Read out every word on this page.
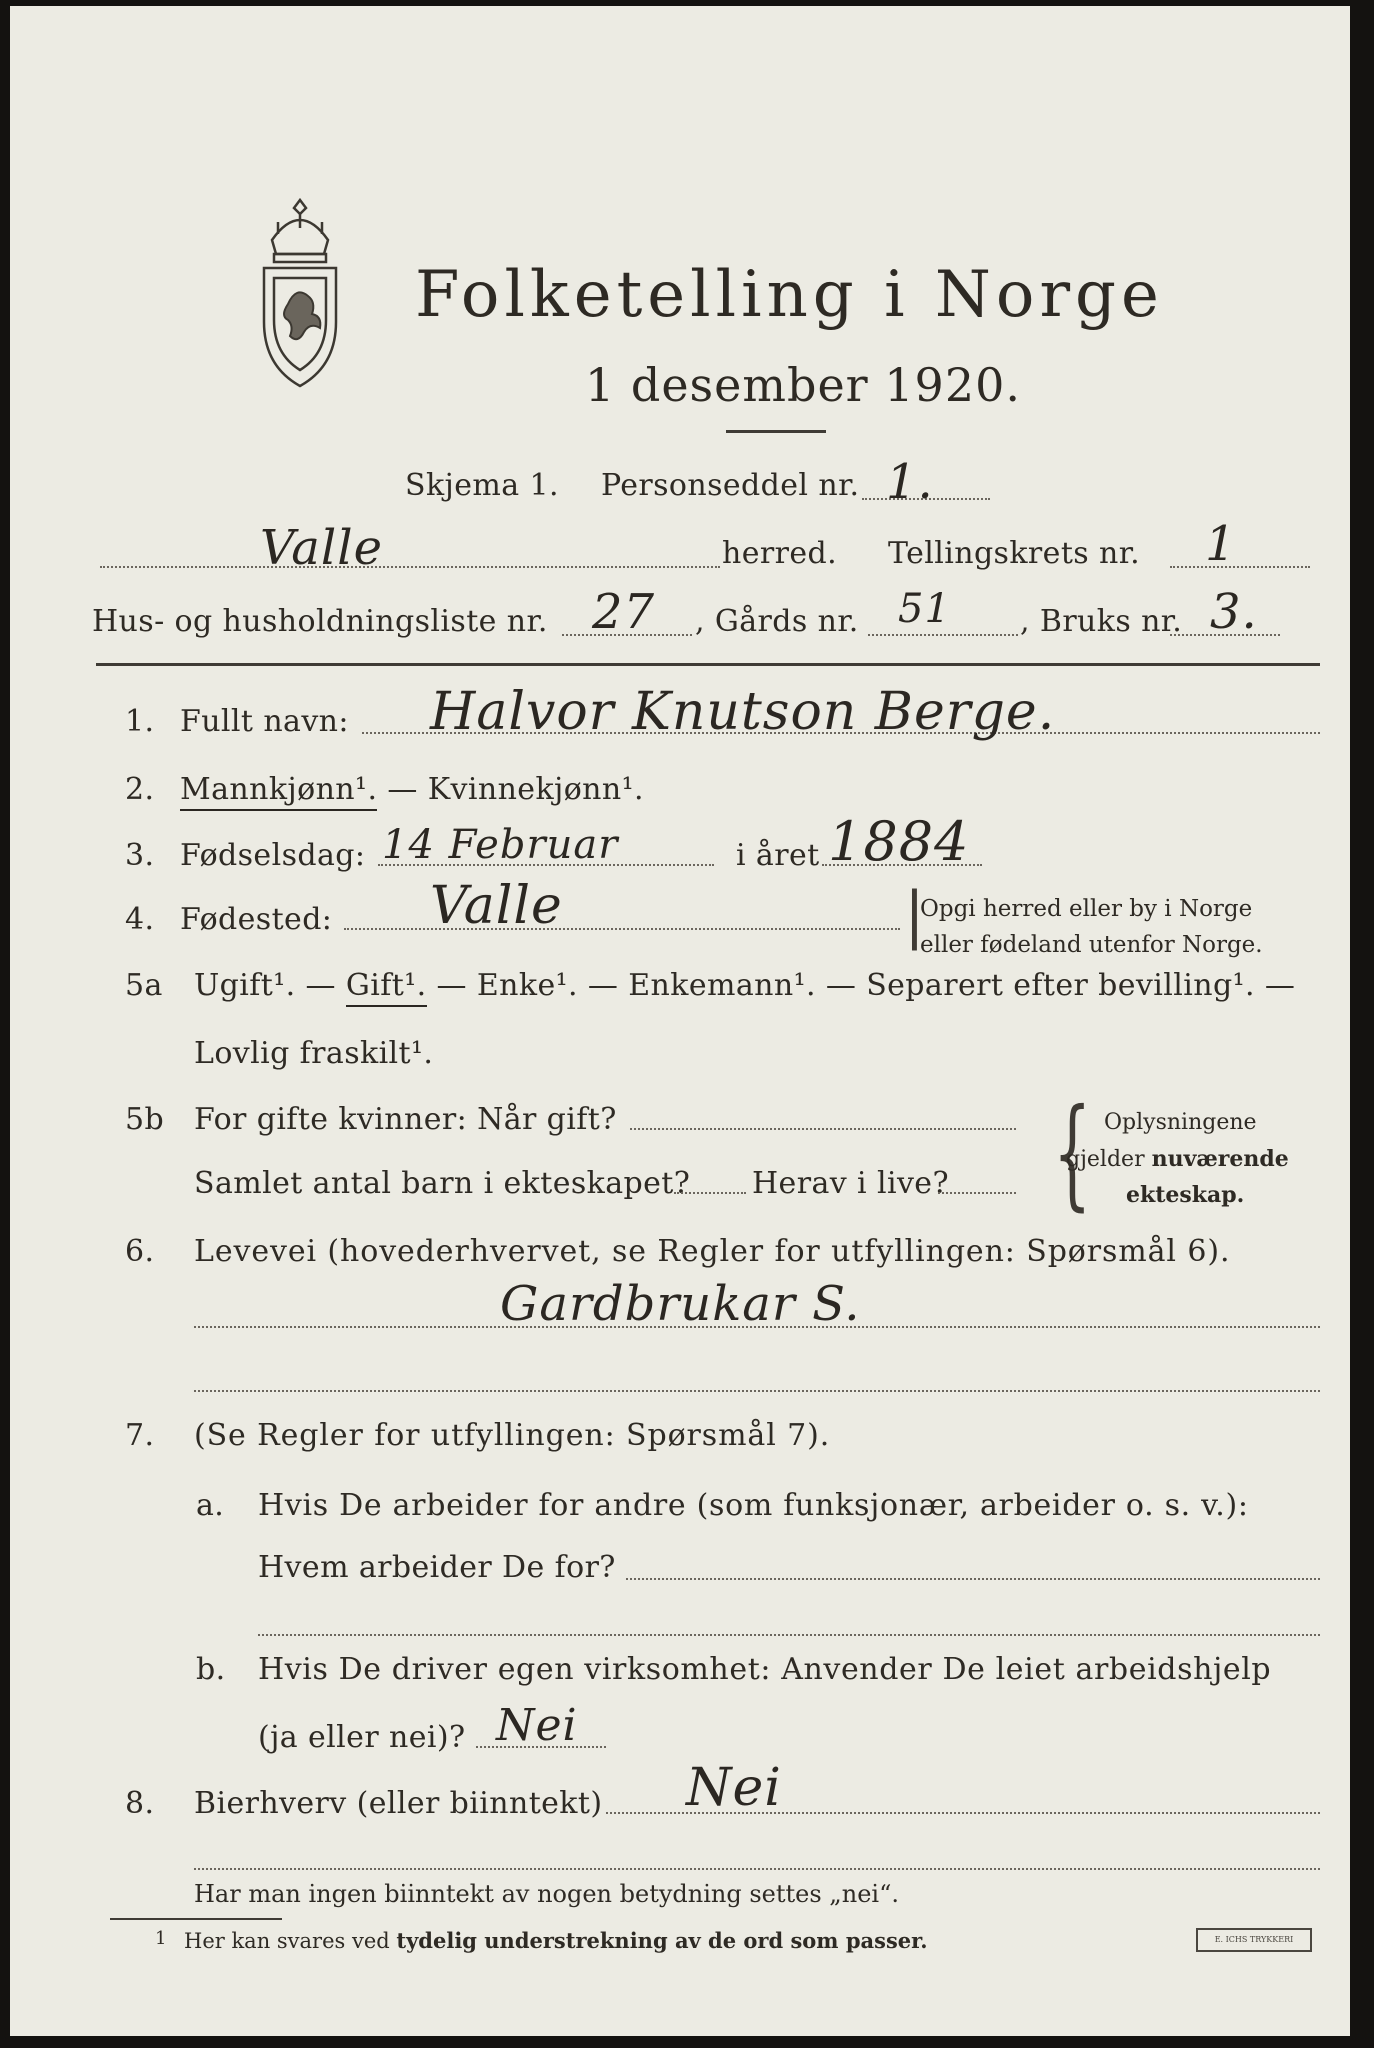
Folketelling i Norge
1 desember 1920.
Skjema 1. Personseddel nr. 1.
Valle	herred. Tellingskrets nr. 1
Hus- og husholdningsliste nr. 27 , Gårds nr. 51 , Bruks nr. 3.
1. Fullt navn: Halvor Knutson Berge.
2. Mannkjønn¹. — Kvinnekjønn¹.
3. Fødselsdag: 14 Februar	i året 1884
4. Fødested: Valle	|
Opgi herred eller by i Norge
eller fødeland utenfor Norge.
5a Ugift¹. — Gift¹. — Enke¹. — Enkemann¹. — Separert efter bevilling¹. —
Lovlig fraskilt¹.
5b For gifte kvinner: Når gift?
Samlet antal barn i ekteskapet? Herav i live? { Oplysningene
gjelder nuværende
ekteskap.
6. Levevei (hovederhvervet, se Regler for utfyllingen: Spørsmål 6).
Gardbrukar S.
7. (Se Regler for utfyllingen: Spørsmål 7).
a. Hvis De arbeider for andre (som funksjonær, arbeider o. s. v.):
Hvem arbeider De for?
b. Hvis De driver egen virksomhet: Anvender De leiet arbeidshjelp
(ja eller nei)? Nei
8. Bierhverv (eller biinntekt) Nei
Har man ingen biinntekt av nogen betydning settes „nei“.
1 Her kan svares ved tydelig understrekning av de ord som passer.	E. ICHS TRYKKERI
